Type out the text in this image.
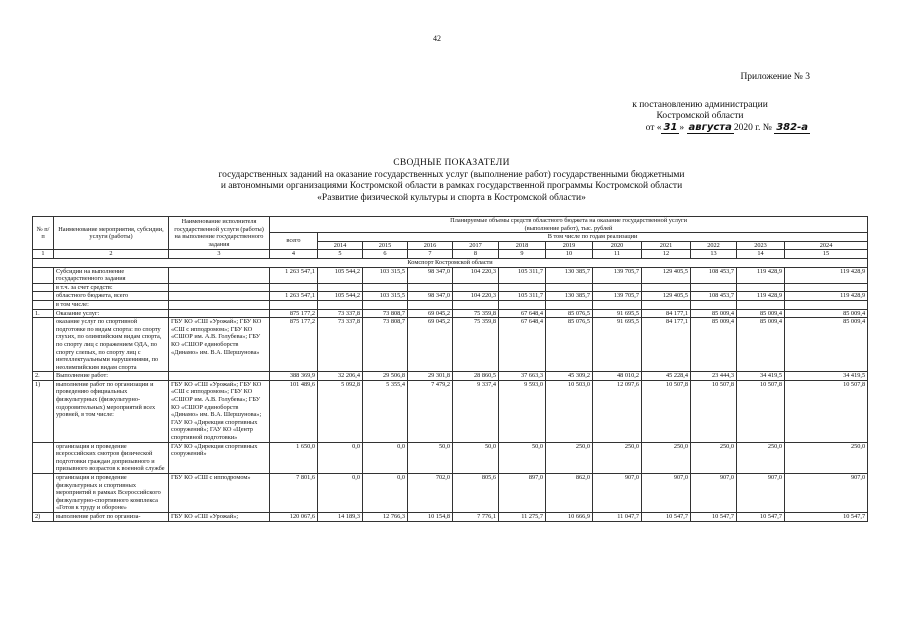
42
Приложение № 3
к постановлению администрации
Костромской области
от « 31 » августа 2020 г. № 382-а
СВОДНЫЕ ПОКАЗАТЕЛИ
государственных заданий на оказание государственных услуг (выполнение работ) государственными бюджетными
и автономными организациями Костромской области в рамках государственной программы Костромской области
«Развитие физической культуры и спорта в Костромской области»
№ п/п	Наименование мероприятия, субсидии, услуги (работы)	Наименование исполнителя государственной услуги (работы) на выполнение государственного задания	Планируемые объемы средств областного бюджета на оказание государственной услуги
(выполнение работ), тыс. рублей											

			всего	В том числе по годам реализации										
				2014	2015	2016	2017	2018	2019	2020	2021	2022	2023	2024
1	2	3	4	5	6	7	8	9	10	11	12	13	14	15
Комспорт Костромской области														
	Субсидии на выполнение государственного задания		1 263 547,1	105 544,2	103 315,5	98 347,0	104 220,3	105 311,7	130 385,7	139 705,7	129 405,5	108 453,7	119 428,9	119 428,9
	в т.ч. за счет средств:													
	областного бюджета, всего		1 263 547,1	105 544,2	103 315,5	98 347,0	104 220,3	105 311,7	130 385,7	139 705,7	129 405,5	108 453,7	119 428,9	119 428,9
	в том числе:													
1.	Оказание услуг:		875 177,2	73 337,8	73 808,7	69 045,2	75 359,8	67 648,4	85 076,5	91 695,5	84 177,1	85 009,4	85 009,4	85 009,4
	оказание услуг по спортивной подготовке по видам спорта: по спорту глухих, по олимпийским видам спорта, по спорту лиц с поражением ОДА, по спорту слепых, по спорту лиц с интеллектуальными нарушениями, по неолимпийским видам спорта	ГБУ КО «СШ «Урожай»; ГБУ КО «СШ с ипподромом»; ГБУ КО «СШОР им. А.В. Голубева»; ГБУ КО «СШОР единоборств «Динамо» им. В.А. Шершунова»	875 177,2	73 337,8	73 808,7	69 045,2	75 359,8	67 648,4	85 076,5	91 695,5	84 177,1	85 009,4	85 009,4	85 009,4
2.	Выполнение работ:		388 369,9	32 206,4	29 506,8	29 301,8	28 860,5	37 663,3	45 309,2	48 010,2	45 228,4	23 444,3	34 419,5	34 419,5
1)	выполнение работ по организации и проведению официальных физкультурных (физкультурно-оздоровительных) мероприятий всех уровней, в том числе:	ГБУ КО «СШ «Урожай»; ГБУ КО «СШ с ипподромом»; ГБУ КО «СШОР им. А.В. Голубева»; ГБУ КО «СШОР единоборств «Динамо» им. В.А. Шершунова»; ГАУ КО «Дирекция спортивных сооружений»; ГАУ КО «Центр спортивной подготовки»	101 489,6	5 092,8	5 355,4	7 479,2	9 337,4	9 593,0	10 503,0	12 097,6	10 507,8	10 507,8	10 507,8	10 507,8
	организация и проведение всероссийских смотров физической подготовки граждан допризывного и призывного возрастов к военной службе	ГАУ КО «Дирекция спортивных сооружений»	1 650,0	0,0	0,0	50,0	50,0	50,0	250,0	250,0	250,0	250,0	250,0	250,0
	организация и проведение физкультурных и спортивных мероприятий в рамках Всероссийского физкультурно-спортивного комплекса «Готов к труду и обороне»	ГБУ КО «СШ с ипподромом»	7 801,6	0,0	0,0	702,0	805,6	897,0	862,0	907,0	907,0	907,0	907,0	907,0
2)	выполнение работ по организа-	ГБУ КО «СШ «Урожай»;	120 067,6	14 189,3	12 766,3	10 154,8	7 776,1	11 275,7	10 666,9	11 047,7	10 547,7	10 547,7	10 547,7	10 547,7
